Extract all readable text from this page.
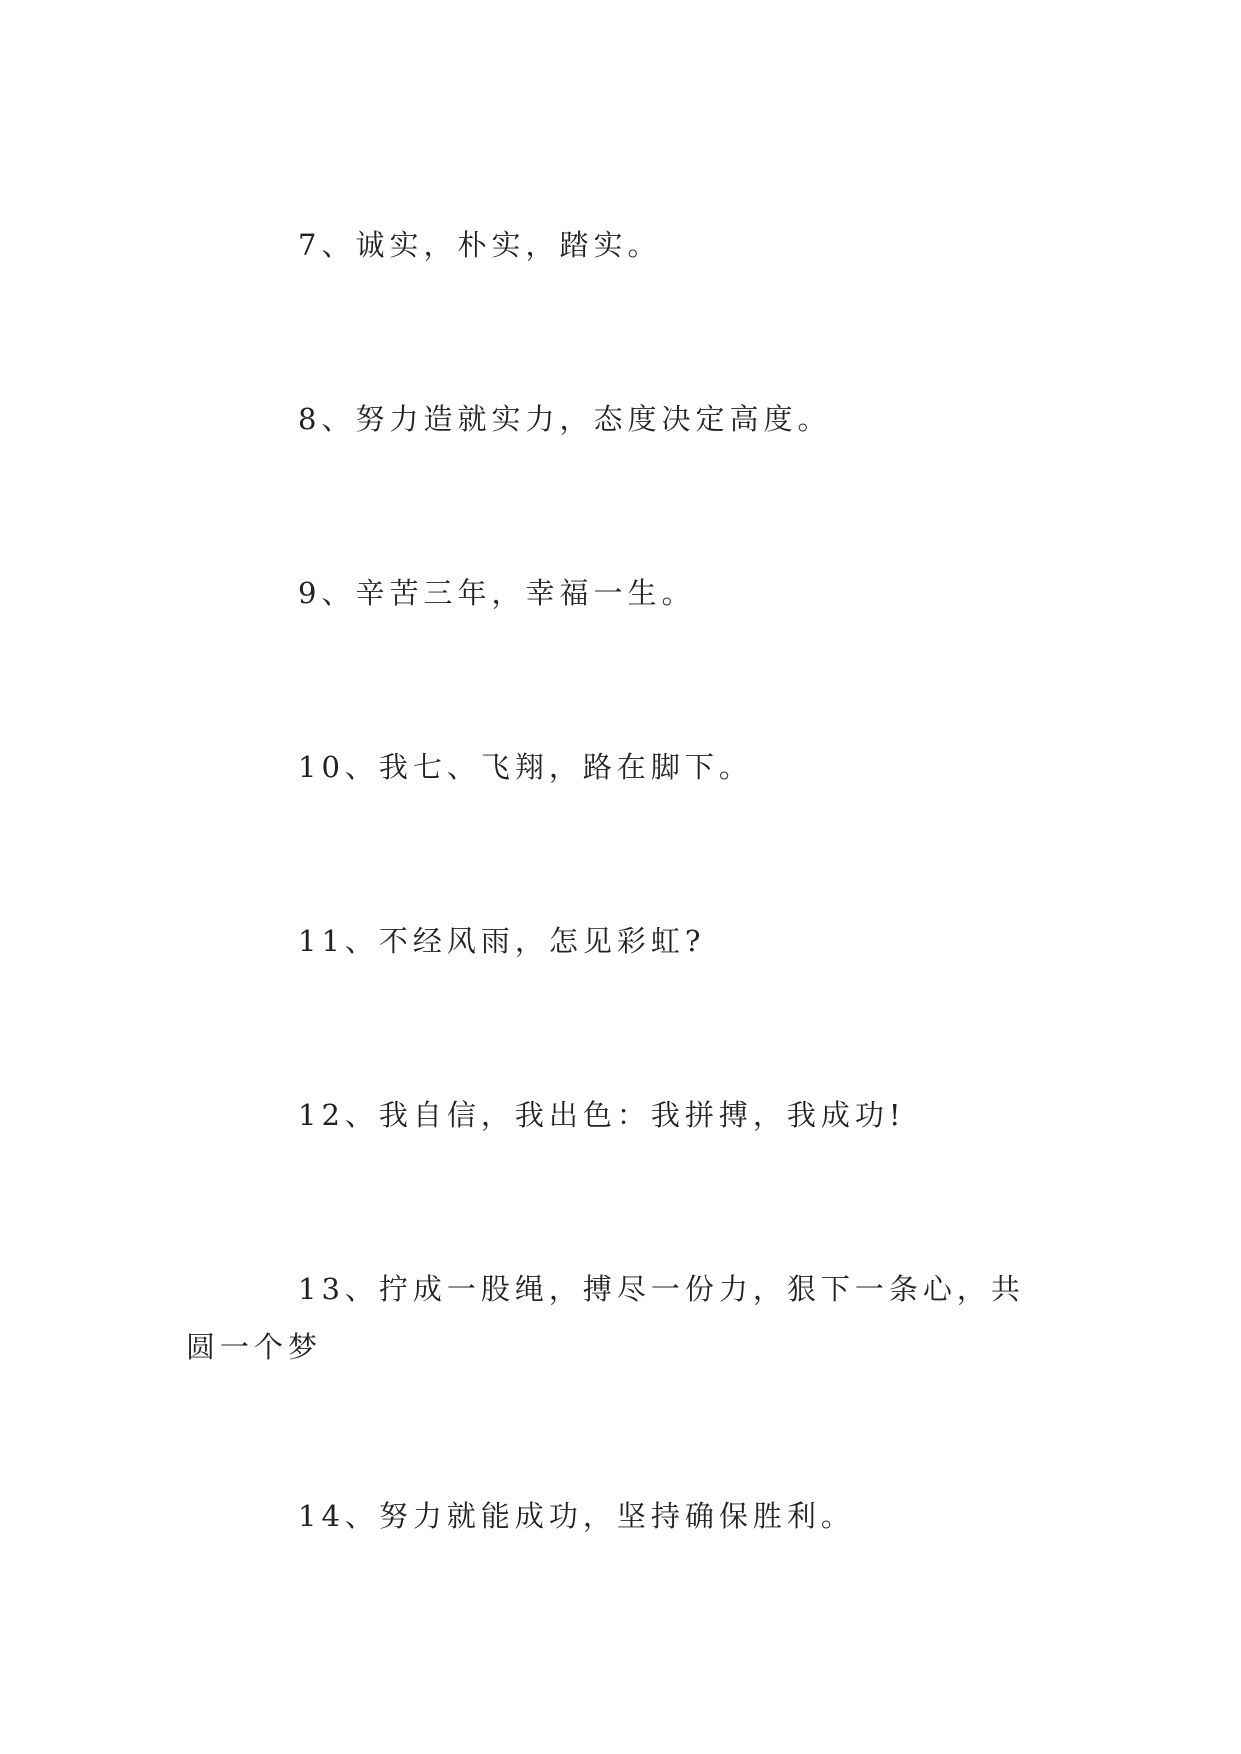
7、诚实，朴实，踏实。

8、努力造就实力，态度决定高度。

9、辛苦三年，幸福一生。

10、我七、飞翔，路在脚下。

11、不经风雨，怎见彩虹?

12、我自信，我出色：我拼搏，我成功!

13、拧成一股绳，搏尽一份力，狠下一条心，共圆一个梦

14、努力就能成功，坚持确保胜利。
